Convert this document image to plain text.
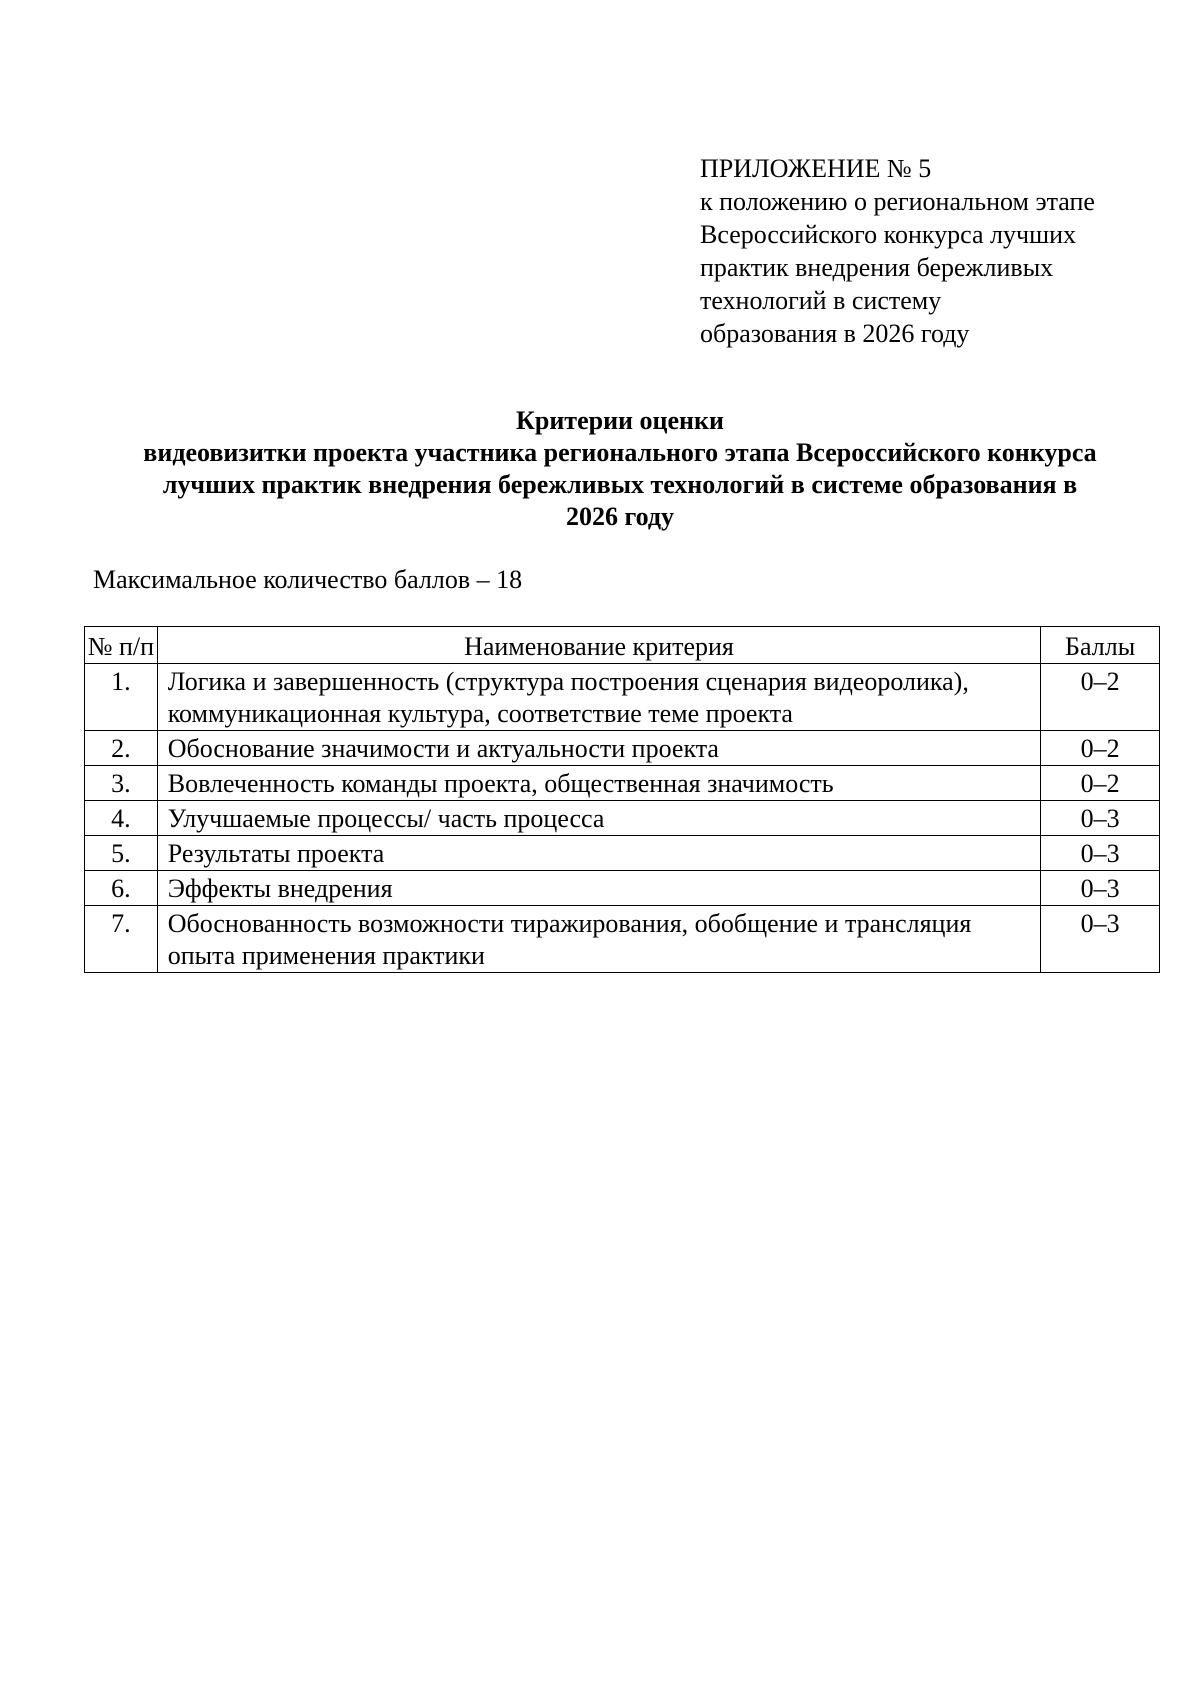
ПРИЛОЖЕНИЕ № 5
к положению о региональном этапе
Всероссийского конкурса лучших
практик внедрения бережливых
технологий в систему
образования в 2026 году
Критерии оценки
видеовизитки проекта участника регионального этапа Всероссийского конкурса
лучших практик внедрения бережливых технологий в системе образования в
2026 году
Максимальное количество баллов – 18
№ п/п	Наименование критерия	Баллы

1.	Логика и завершенность (структура построения сценария видеоролика), коммуникационная культура, соответствие теме проекта	0–2

2.	Обоснование значимости и актуальности проекта	0–2

3.	Вовлеченность команды проекта, общественная значимость	0–2

4.	Улучшаемые процессы/ часть процесса	0–3

5.	Результаты проекта	0–3

6.	Эффекты внедрения	0–3

7.	Обоснованность возможности тиражирования, обобщение и трансляция опыта применения практики	0–3
